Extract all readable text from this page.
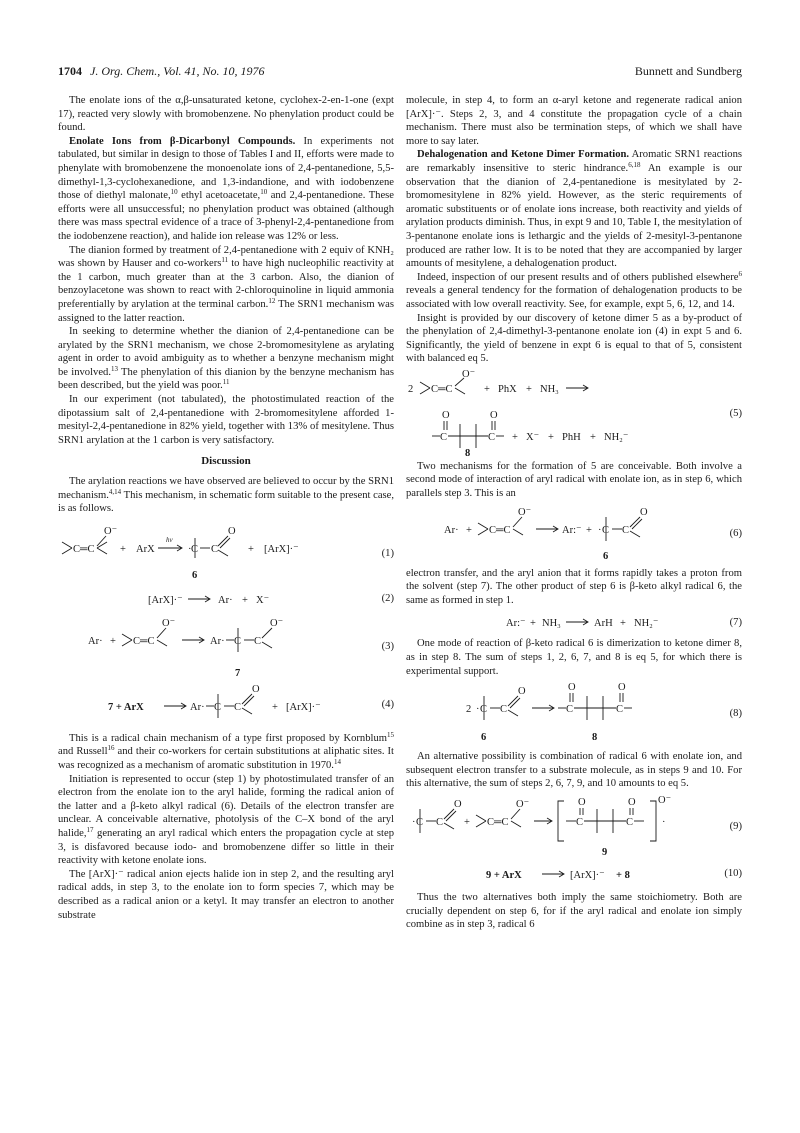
1704 J. Org. Chem., Vol. 41, No. 10, 1976	Bunnett and Sundberg

The enolate ions of the α,β-unsaturated ketone, cyclohex-2-en-1-one (expt 17), reacted very slowly with bromobenzene. No phenylation product could be found.

Enolate Ions from β-Dicarbonyl Compounds. In experiments not tabulated, but similar in design to those of Tables I and II, efforts were made to phenylate with bromobenzene the monoenolate ions of 2,4-pentanedione, 5,5-dimethyl-1,3-cyclohexanedione, and 1,3-indandione, and with iodobenzene those of diethyl malonate,$^{10}$ ethyl acetoacetate,$^{10}$ and 2,4-pentanedione. These efforts were all unsuccessful; no phenylation product was obtained (although there was mass spectral evidence of a trace of 3-phenyl-2,4-pentanedione from the iodobenzene reaction), and halide ion release was 12% or less.

The dianion formed by treatment of 2,4-pentanedione with 2 equiv of KNH₂ was shown by Hauser and co-workers$^{11}$ to have high nucleophilic reactivity at the 1 carbon, much greater than at the 3 carbon. Also, the dianion of benzoylacetone was shown to react with 2-chloroquinoline in liquid ammonia preferentially by arylation at the terminal carbon.$^{12}$ The SRN1 mechanism was assigned to the latter reaction.

In seeking to determine whether the dianion of 2,4-pentanedione can be arylated by the SRN1 mechanism, we chose 2-bromomesitylene as arylating agent in order to avoid ambiguity as to whether a benzyne mechanism might be involved.$^{13}$ The phenylation of this dianion by the benzyne mechanism has been described, but the yield was poor.$^{11}$

In our experiment (not tabulated), the photostimulated reaction of the dipotassium salt of 2,4-pentanedione with 2-bromomesitylene afforded 1-mesityl-2,4-pentanedione in 82% yield, together with 13% of mesitylene. Thus SRN1 arylation at the 1 carbon is very satisfactory.

Discussion

The arylation reactions we have observed are believed to occur by the SRN1 mechanism.$^{4,14}$ This mechanism, in schematic form suitable to the present case, is as follows.

C═C
O⁻
+ ArX
hν
· C C
O
+ [ArX]·⁻
6
(1)
[ArX]·⁻	Ar· + X⁻	(2)
Ar· + C═C
O⁻
Ar· C C
O⁻
7
(3)
7 + ArX	Ar· C C
O
+ [ArX]·⁻	(4)

This is a radical chain mechanism of a type first proposed by Kornblum$^{15}$ and Russell$^{16}$ and their co-workers for certain substitutions at aliphatic sites. It was recognized as a mechanism of aromatic substitution in 1970.14

Initiation is represented to occur (step 1) by photostimulated transfer of an electron from the enolate ion to the aryl halide, forming the radical anion of the latter and a β-keto alkyl radical (6). Details of the electron transfer are unclear. A conceivable alternative, photolysis of the C–X bond of the aryl halide,$^{17}$ generating an aryl radical which enters the propagation cycle at step 3, is disfavored because iodo- and bromobenzene differ so little in their reactivity with ketone enolate ions.

The [ArX]·⁻ radical anion ejects halide ion in step 2, and the resulting aryl radical adds, in step 3, to the enolate ion to form species 7, which may be described as a radical anion or a ketyl. It may transfer an electron to another substrate

molecule, in step 4, to form an α-aryl ketone and regenerate radical anion [ArX]·⁻. Steps 2, 3, and 4 constitute the propagation cycle of a chain mechanism. There must also be termination steps, of which we shall have more to say later.

Dehalogenation and Ketone Dimer Formation. Aromatic SRN1 reactions are remarkably insensitive to steric hindrance.$^{6,18}$ An example is our observation that the dianion of 2,4-pentanedione is mesitylated by 2-bromomesitylene in 82% yield. However, as the steric requirements of aromatic substituents or of enolate ions increase, both reactivity and yields of arylation products diminish. Thus, in expt 9 and 10, Table I, the mesitylation of 3-pentanone enolate ions is lethargic and the yields of 2-mesityl-3-pentanone produced are rather low. It is to be noted that they are accompanied by larger amounts of mesitylene, a dehalogenation product.

Indeed, inspection of our present results and of others published elsewhere$^6$ reveals a general tendency for the formation of dehalogenation products to be associated with low overall reactivity. See, for example, expt 5, 6, 12, and 14.

Insight is provided by our discovery of ketone dimer 5 as a by-product of the phenylation of 2,4-dimethyl-3-pentanone enolate ion (4) in expt 5 and 6. Significantly, the yield of benzene in expt 6 is equal to that of 5, consistent with balanced eq 5.

2 C═C
O⁻
+ PhX + NH₃
O
C	C
O
+ X⁻ + PhH + NH₂⁻
8
(5)

Two mechanisms for the formation of 5 are conceivable. Both involve a second mode of interaction of aryl radical with enolate ion, as in step 6, which parallels step 3. This is an

Ar· + C═C
O⁻
Ar:⁻ + · C C
O
6
(6)

electron transfer, and the aryl anion that it forms rapidly takes a proton from the solvent (step 7). The other product of step 6 is β-keto alkyl radical 6, the same as formed in step 1.

Ar:⁻ + NH₃	ArH + NH₂⁻	(7)

One mode of reaction of β-keto radical 6 is dimerization to ketone dimer 8, as in step 8. The sum of steps 1, 2, 6, 7, and 8 is eq 5, for which there is experimental support.

2 · C C
O	O
C	C
O
6	8
(8)

An alternative possibility is combination of radical 6 with enolate ion, and subsequent electron transfer to a substrate molecule, as in steps 9 and 10. For this alternative, the sum of steps 2, 6, 7, 9, and 10 amounts to eq 5.

· C C
O
+ C═C
O⁻	O
C	C
O O⁻
·
9
(9)
9 + ArX	[ArX]·⁻ + 8	(10)

Thus the two alternatives both imply the same stoichiometry. Both are crucially dependent on step 6, for if the aryl radical and enolate ion simply combine as in step 3, radical 6
